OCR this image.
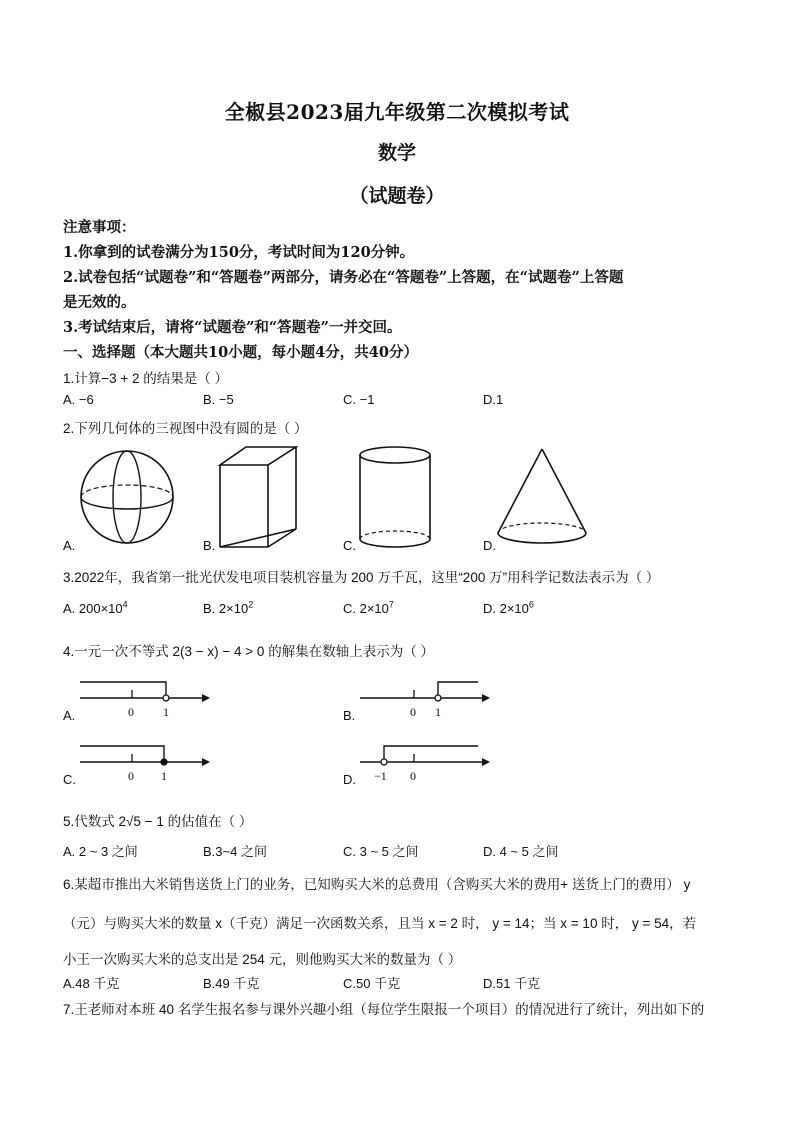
全椒县2023届九年级第二次模拟考试
数学
（试题卷）
注意事项：
1.你拿到的试卷满分为150分，考试时间为120分钟。
2.试卷包括“试题卷”和“答题卷”两部分，请务必在“答题卷”上答题，在“试题卷”上答题
是无效的。
3.考试结束后，请将“试题卷”和“答题卷”一并交回。
一、选择题（本大题共10小题，每小题4分，共40分）
1.计算−3 + 2 的结果是（ ）
A. −6	B. −5	C. −1	D.1
2.下列几何体的三视图中没有圆的是（ ）
A.	B.	C.	D.
3.2022年，我省第一批光伏发电项目装机容量为 200 万千瓦，这里“200 万”用科学记数法表示为（ ）
A. $200\times 10^4$	B. $2\times 10^2$	C. $2\times 10^7$	D. $2\times 10^6$
4.一元一次不等式 2(3 − x) − 4 > 0 的解集在数轴上表示为（ ）
0 1
A.	0 1
B.
0 1
C.	−1 0
D.
5.代数式 2√5 − 1 的估值在（ ）
A. 2 ~ 3 之间	B.3~4 之间	C. 3 ~ 5 之间	D. 4 ~ 5 之间
6.某超市推出大米销售送货上门的业务，已知购买大米的总费用（含购买大米的费用+ 送货上门的费用） y
（元）与购买大米的数量 x（千克）满足一次函数关系，且当 x = 2 时， y = 14；当 x = 10 时， y = 54，若
小王一次购买大米的总支出是 254 元，则他购买大米的数量为（ ）
A.48 千克	B.49 千克	C.50 千克	D.51 千克
7.王老师对本班 40 名学生报名参与课外兴趣小组（每位学生限报一个项目）的情况进行了统计，列出如下的
